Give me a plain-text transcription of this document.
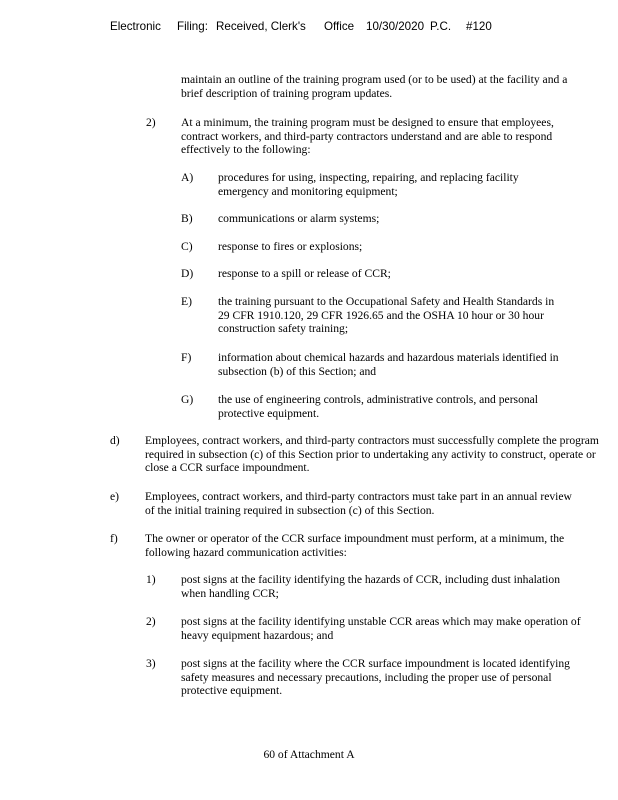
Electronic Filing: Received, Clerk's Office 10/30/2020 P.C. #120
maintain an outline of the training program used (or to be used) at the facility and a brief description of training program updates.
2) At a minimum, the training program must be designed to ensure that employees, contract workers, and third-party contractors understand and are able to respond effectively to the following:
A) procedures for using, inspecting, repairing, and replacing facility emergency and monitoring equipment;
B) communications or alarm systems;
C) response to fires or explosions;
D) response to a spill or release of CCR;
E) the training pursuant to the Occupational Safety and Health Standards in 29 CFR 1910.120, 29 CFR 1926.65 and the OSHA 10 hour or 30 hour construction safety training;
F) information about chemical hazards and hazardous materials identified in subsection (b) of this Section; and
G) the use of engineering controls, administrative controls, and personal protective equipment.
d) Employees, contract workers, and third-party contractors must successfully complete the program required in subsection (c) of this Section prior to undertaking any activity to construct, operate or close a CCR surface impoundment.
e) Employees, contract workers, and third-party contractors must take part in an annual review of the initial training required in subsection (c) of this Section.
f) The owner or operator of the CCR surface impoundment must perform, at a minimum, the following hazard communication activities:
1) post signs at the facility identifying the hazards of CCR, including dust inhalation when handling CCR;
2) post signs at the facility identifying unstable CCR areas which may make operation of heavy equipment hazardous; and
3) post signs at the facility where the CCR surface impoundment is located identifying safety measures and necessary precautions, including the proper use of personal protective equipment.
60 of Attachment A
